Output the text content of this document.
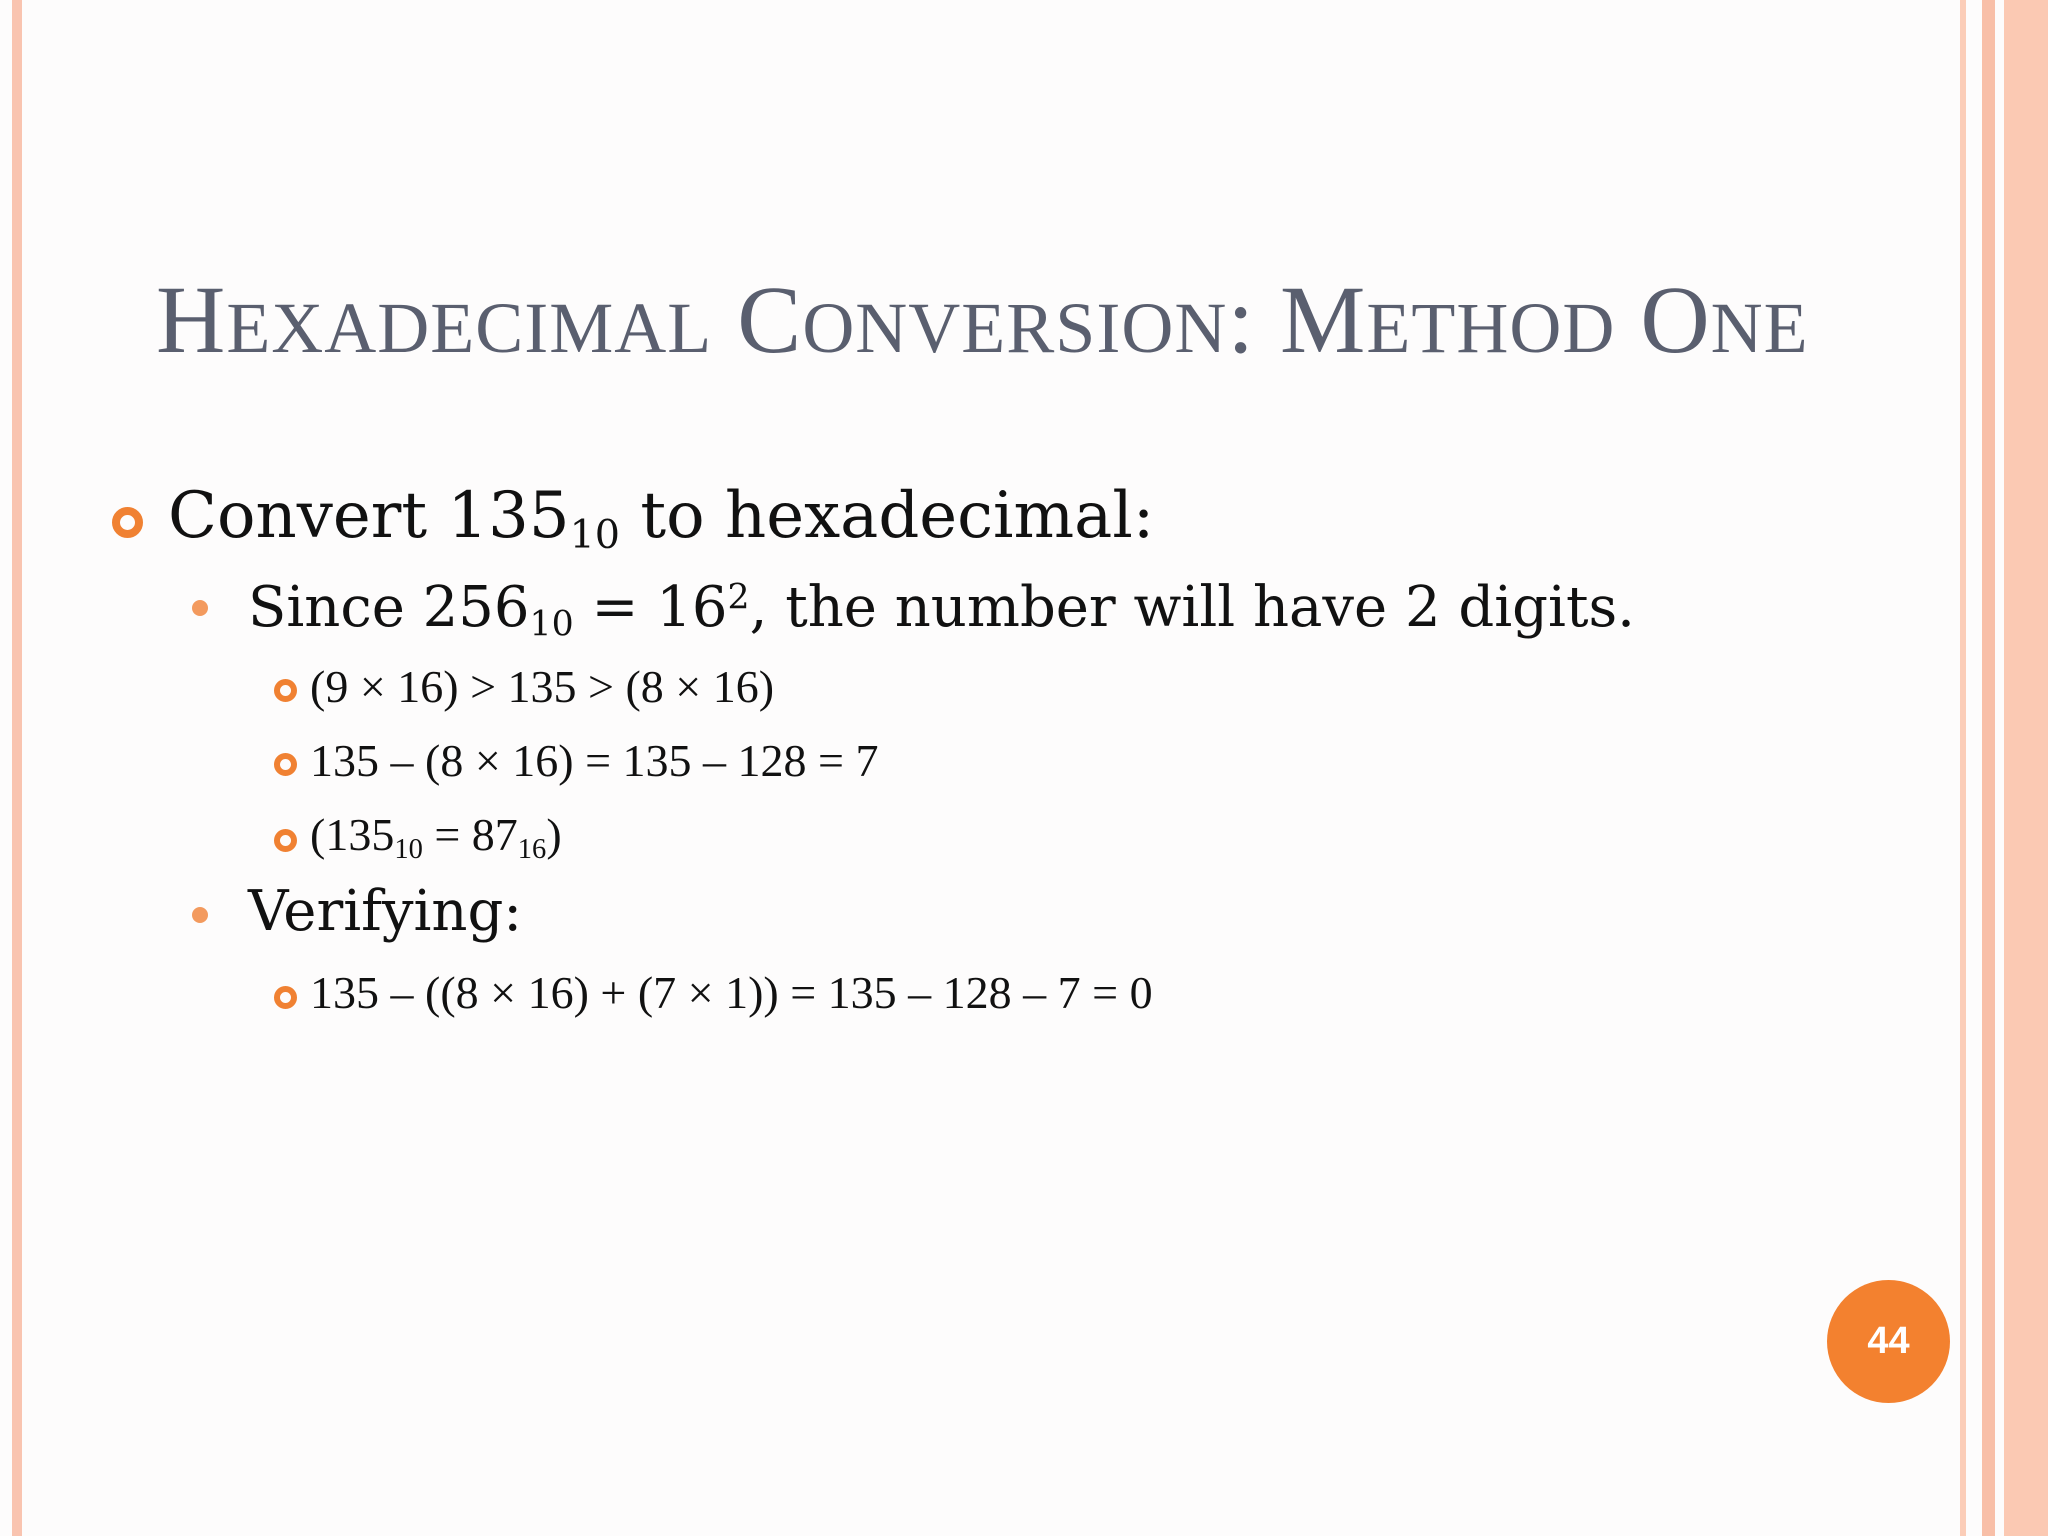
HEXADECIMAL CONVERSION: METHOD ONE
Convert $135_{10}$ to hexadecimal:
Since $256_{10} = 16^2$, the number will have 2 digits.
(9 × 16) > 135 > (8 × 16)
135 – (8 × 16) = 135 – 128 = 7
$(135_{10} = 87_{16})$
Verifying:
135 – ((8 × 16) + (7 × 1)) = 135 – 128 – 7 = 0
44
